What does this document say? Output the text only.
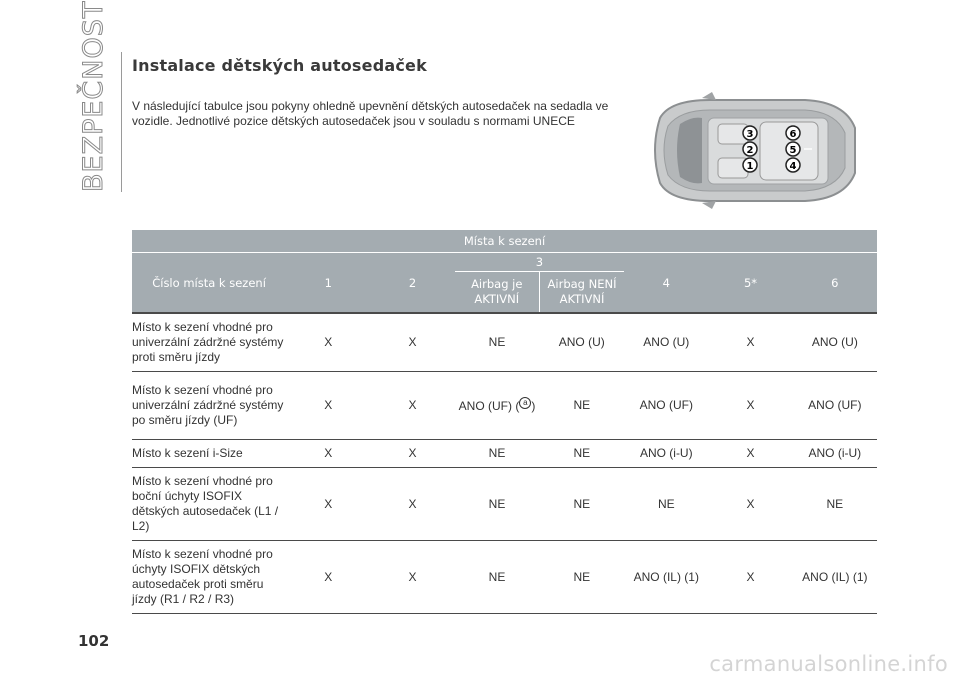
BEZPEČNOST	Instalace dětských autosedaček
V následující tabulce jsou pokyny ohledně upevnění dětských autosedaček na sedadla ve vozidle. Jednotlivé pozice dětských autosedaček jsou v souladu s normami UNECE
3	6
2	5
1	4
Místa k sezení							
Číslo místa k sezení	1	2	3		4	5*	6
			Airbag je AKTIVNÍ	Airbag NENÍ AKTIVNÍ			
Místo k sezení vhodné pro univerzální zádržné systémy proti směru jízdy	X	X	NE	ANO (U)	ANO (U)	X	ANO (U)
Místo k sezení vhodné pro univerzální zádržné systémy po směru jízdy (UF)	X	X	ANO (UF) ( $^a$ )	NE	ANO (UF)	X	ANO (UF)
Místo k sezení i-Size	X	X	NE	NE	ANO (i-U)	X	ANO (i-U)
Místo k sezení vhodné pro boční úchyty ISOFIX dětských autosedaček (L1 / L2)	X	X	NE	NE	NE	X	NE
Místo k sezení vhodné pro úchyty ISOFIX dětských autosedaček proti směru jízdy (R1 / R2 / R3)	X	X	NE	NE	ANO (IL) (1)	X	ANO (IL) (1)
102
carmanualsonline.info
